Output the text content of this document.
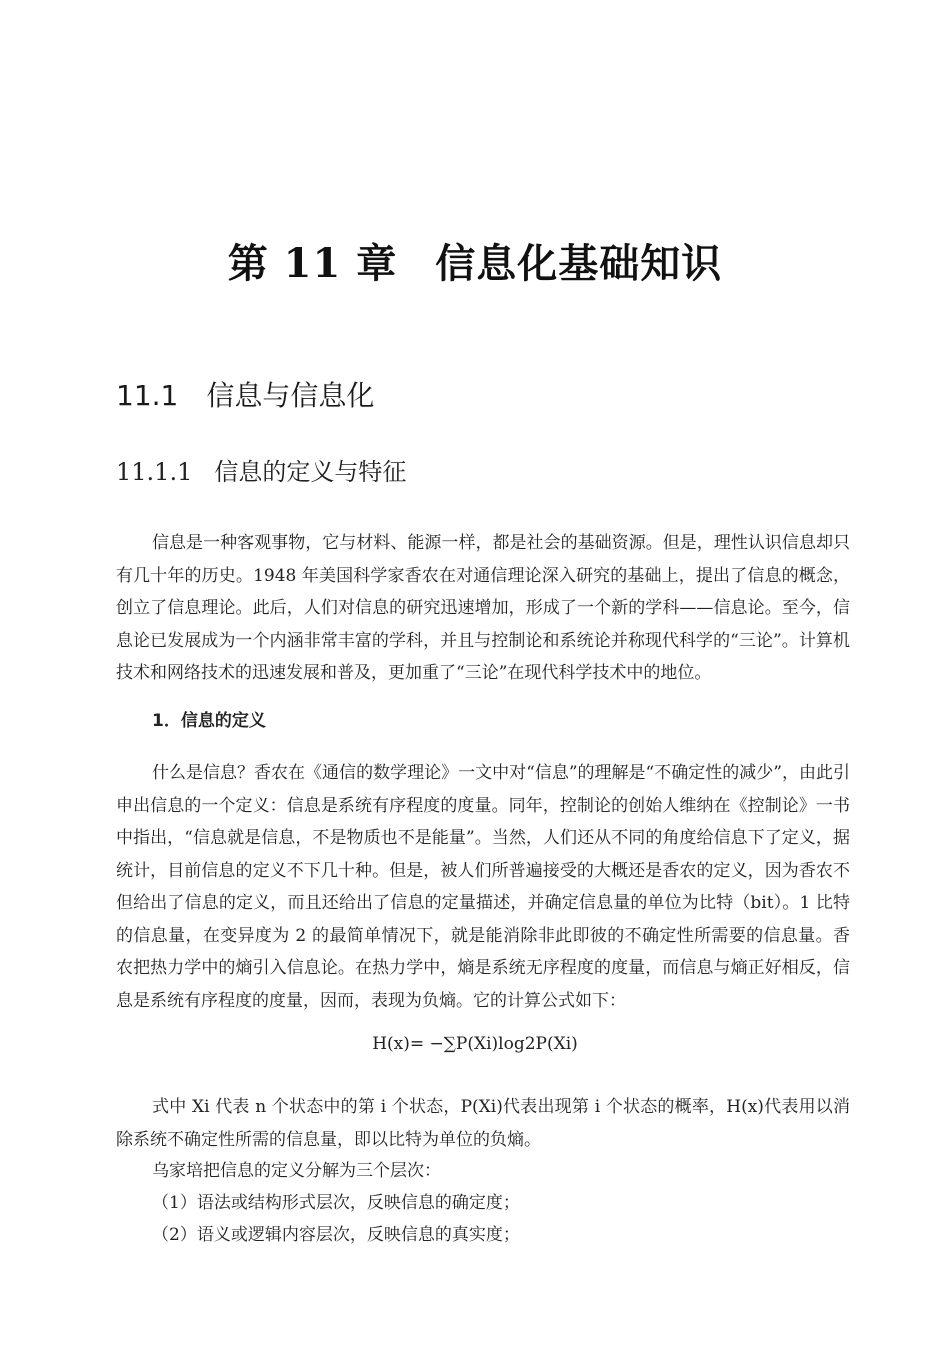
第 11 章 信息化基础知识
11.1 信息与信息化
11.1.1 信息的定义与特征

信息是一种客观事物，它与材料、能源一样，都是社会的基础资源。但是，理性认识信息却只有几十年的历史。1948 年美国科学家香农在对通信理论深入研究的基础上，提出了信息的概念，创立了信息理论。此后，人们对信息的研究迅速增加，形成了一个新的学科——信息论。至今，信息论已发展成为一个内涵非常丰富的学科，并且与控制论和系统论并称现代科学的“三论”。计算机技术和网络技术的迅速发展和普及，更加重了“三论”在现代科学技术中的地位。

1．信息的定义

什么是信息？香农在《通信的数学理论》一文中对“信息”的理解是“不确定性的减少”，由此引申出信息的一个定义：信息是系统有序程度的度量。同年，控制论的创始人维纳在《控制论》一书中指出，“信息就是信息，不是物质也不是能量”。当然，人们还从不同的角度给信息下了定义，据统计，目前信息的定义不下几十种。但是，被人们所普遍接受的大概还是香农的定义，因为香农不但给出了信息的定义，而且还给出了信息的定量描述，并确定信息量的单位为比特（bit）。1 比特的信息量，在变异度为 2 的最简单情况下，就是能消除非此即彼的不确定性所需要的信息量。香农把热力学中的熵引入信息论。在热力学中，熵是系统无序程度的度量，而信息与熵正好相反，信息是系统有序程度的度量，因而，表现为负熵。它的计算公式如下：

H(x)= −∑P(Xi)log2P(Xi)

式中 Xi 代表 n 个状态中的第 i 个状态，P(Xi)代表出现第 i 个状态的概率，H(x)代表用以消除系统不确定性所需的信息量，即以比特为单位的负熵。

乌家培把信息的定义分解为三个层次：

（1）语法或结构形式层次，反映信息的确定度；

（2）语义或逻辑内容层次，反映信息的真实度；
